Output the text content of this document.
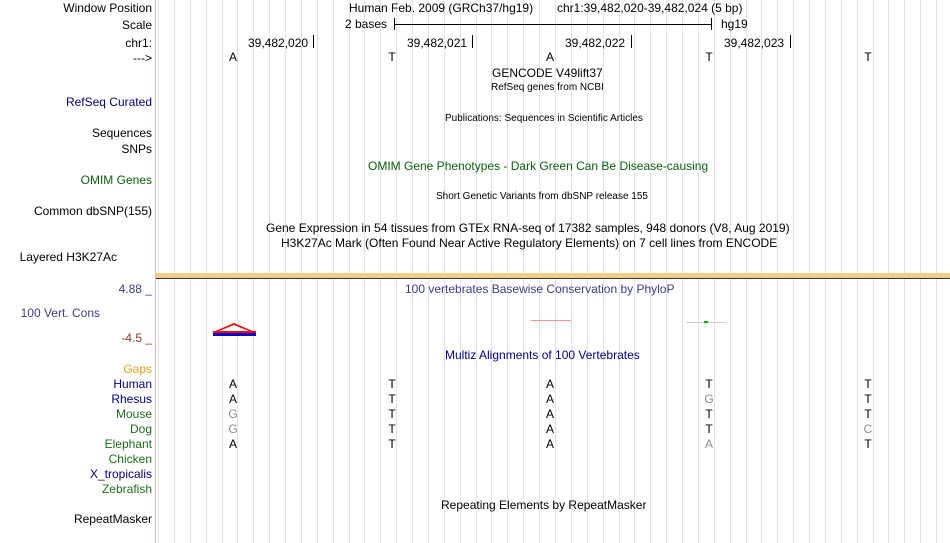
Window Position	Human Feb. 2009 (GRCh37/hg19) chr1:39,482,020-39,482,024 (5 bp)
Scale	2 bases	hg19
chr1:	39,482,020	39,482,021	39,482,022	39,482,023
--->	A	T	A	T	T
GENCODE V49lift37
RefSeq genes from NCBI
RefSeq Curated
Publications: Sequences in Scientific Articles
Sequences
SNPs
OMIM Gene Phenotypes - Dark Green Can Be Disease-causing
OMIM Genes
Short Genetic Variants from dbSNP release 155
Common dbSNP(155)
Gene Expression in 54 tissues from GTEx RNA-seq of 17382 samples, 948 donors (V8, Aug 2019)
H3K27Ac Mark (Often Found Near Active Regulatory Elements) on 7 cell lines from ENCODE
Layered H3K27Ac
4.88 _	100 vertebrates Basewise Conservation by PhyloP
100 Vert. Cons
-4.5 _
Multiz Alignments of 100 Vertebrates
Gaps
Human	A	T	A	T	T
Rhesus	A	T	A	G	T
Mouse	G	T	A	T	T
Dog	G	T	A	T	C
Elephant	A	T	A	A	T
Chicken
X_tropicalis
Zebrafish
Repeating Elements by RepeatMasker
RepeatMasker
